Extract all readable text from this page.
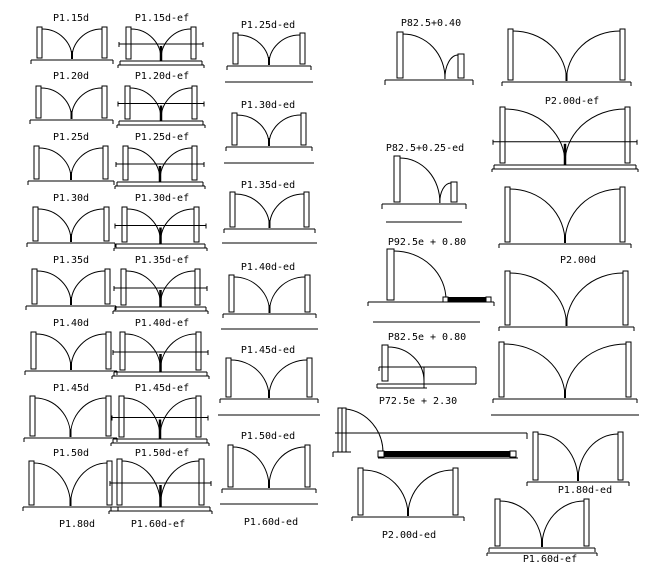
P1.15d
P1.20d
P1.25d
P1.30d
P1.35d
P1.40d
P1.45d
P1.50d
P1.80d
P1.15d-ef
P1.20d-ef
P1.25d-ef
P1.30d-ef
P1.35d-ef
P1.40d-ef
P1.45d-ef
P1.50d-ef
P1.60d-ef
P1.25d-ed
P1.30d-ed
P1.35d-ed
P1.40d-ed
P1.45d-ed
P1.50d-ed
P1.60d-ed
P82.5+0.40
P82.5+0.25-ed
P92.5e + 0.80
P82.5e + 0.80
P72.5e + 2.30
P2.00d-ed
P2.00d-ef
P2.00d
P1.80d-ed
P1.60d-ef
